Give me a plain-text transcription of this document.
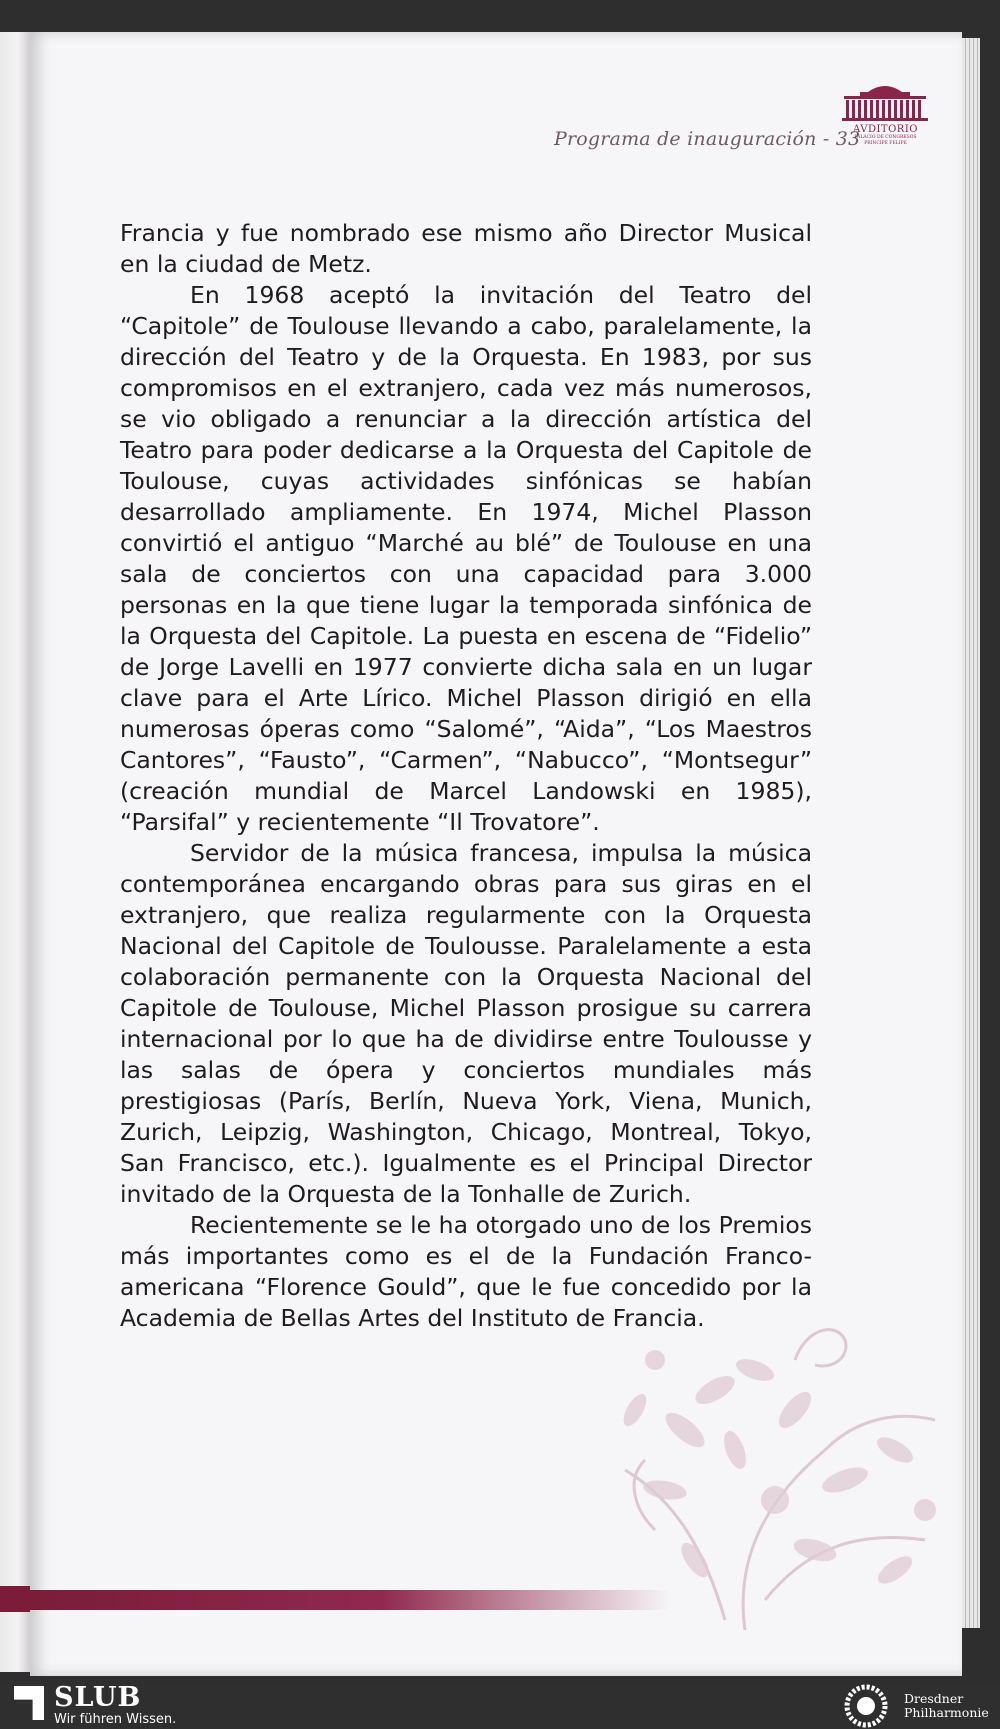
Programa de inauguración - 33
AVDITORIO
PALACIO DE CONGRESOS
PRINCIPE FELIPE

Francia y fue nombrado ese mismo año Director Musical en la ciudad de Metz.

En 1968 aceptó la invitación del Teatro del “Capitole” de Toulouse llevando a cabo, paralelamente, la dirección del Teatro y de la Orquesta. En 1983, por sus compromisos en el extranjero, cada vez más numerosos, se vio obligado a renunciar a la dirección artística del Teatro para poder dedicarse a la Orquesta del Capitole de Toulouse, cuyas actividades sinfónicas se habían desarrollado ampliamente. En 1974, Michel Plasson convirtió el antiguo “Marché au blé” de Toulouse en una sala de conciertos con una capacidad para 3.000 personas en la que tiene lugar la temporada sinfónica de la Orquesta del Capitole. La puesta en escena de “Fidelio” de Jorge Lavelli en 1977 convierte dicha sala en un lugar clave para el Arte Lírico. Michel Plasson dirigió en ella numerosas óperas como “Salomé”, “Aida”, “Los Maestros Cantores”, “Fausto”, “Carmen”, “Nabucco”, “Montsegur” (creación mundial de Marcel Landowski en 1985), “Parsifal” y recientemente “Il Trovatore”.

Servidor de la música francesa, impulsa la música contemporánea encargando obras para sus giras en el extranjero, que realiza regularmente con la Orquesta Nacional del Capitole de Toulousse. Paralelamente a esta colaboración permanente con la Orquesta Nacional del Capitole de Toulouse, Michel Plasson prosigue su carrera internacional por lo que ha de dividirse entre Toulousse y las salas de ópera y conciertos mundiales más prestigiosas (París, Berlín, Nueva York, Viena, Munich, Zurich, Leipzig, Washington, Chicago, Montreal, Tokyo, San Francisco, etc.). Igualmente es el Principal Director invitado de la Orquesta de la Tonhalle de Zurich.

Recientemente se le ha otorgado uno de los Premios más importantes como es el de la Fundación Franco-americana “Florence Gould”, que le fue concedido por la Academia de Bellas Artes del Instituto de Francia.

SLUB
Wir führen Wissen.
Dresdner
Philharmonie
